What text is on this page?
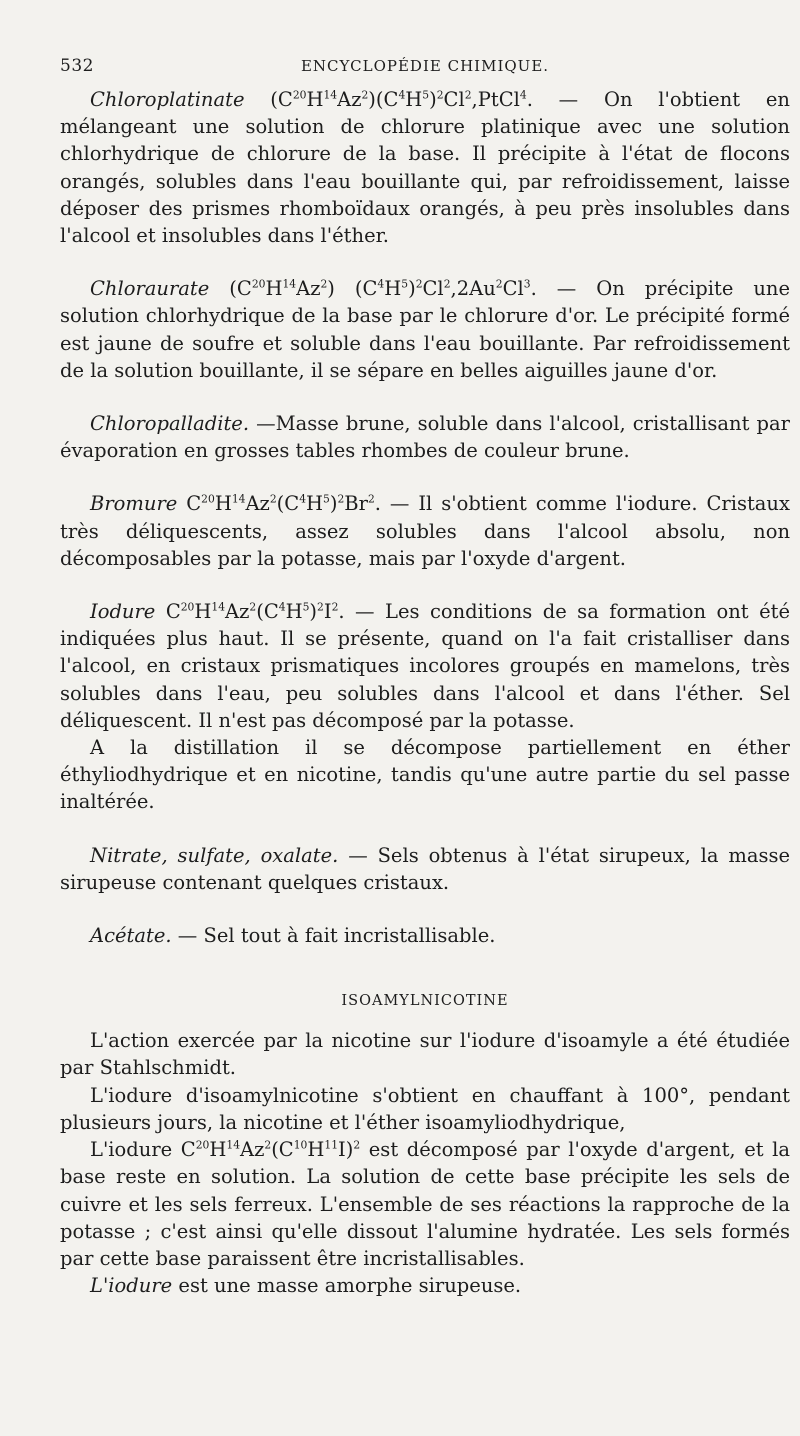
532	ENCYCLOPÉDIE CHIMIQUE.

Chloroplatinate $(C^{20}H^{14}Az^2)(C^4H^5)^2Cl^2,PtCl^4$. — On l'obtient en mélangeant une solution de chlorure platinique avec une solution chlorhydrique de chlorure de la base. Il précipite à l'état de flocons orangés, solubles dans l'eau bouillante qui, par refroidissement, laisse déposer des prismes rhomboïdaux orangés, à peu près insolubles dans l'alcool et insolubles dans l'éther.

Chloraurate $(C^{20}H^{14}Az^2)$ $(C^4H^5)^2Cl^2,2Au^2Cl^3$. — On précipite une solution chlorhydrique de la base par le chlorure d'or. Le précipité formé est jaune de soufre et soluble dans l'eau bouillante. Par refroidissement de la solution bouillante, il se sépare en belles aiguilles jaune d'or.

Chloropalladite. —Masse brune, soluble dans l'alcool, cristallisant par évaporation en grosses tables rhombes de couleur brune.

Bromure $C^{20}H^{14}Az^2(C^4H^5)^2Br^2$. — Il s'obtient comme l'iodure. Cristaux très déliquescents, assez solubles dans l'alcool absolu, non décomposables par la potasse, mais par l'oxyde d'argent.

Iodure $C^{20}H^{14}Az^2(C^4H^5)^2I^2$. — Les conditions de sa formation ont été indiquées plus haut. Il se présente, quand on l'a fait cristalliser dans l'alcool, en cristaux prismatiques incolores groupés en mamelons, très solubles dans l'eau, peu solubles dans l'alcool et dans l'éther. Sel déliquescent. Il n'est pas décomposé par la potasse.

A la distillation il se décompose partiellement en éther éthyliodhydrique et en nicotine, tandis qu'une autre partie du sel passe inaltérée.

Nitrate, sulfate, oxalate. — Sels obtenus à l'état sirupeux, la masse sirupeuse contenant quelques cristaux.

Acétate. — Sel tout à fait incristallisable.

ISOAMYLNICOTINE

L'action exercée par la nicotine sur l'iodure d'isoamyle a été étudiée par Stahlschmidt.

L'iodure d'isoamylnicotine s'obtient en chauffant à 100°, pendant plusieurs jours, la nicotine et l'éther isoamyliodhydrique,

L'iodure $C^{20}H^{14}Az^2(C^{10}H^{11}I)^2$ est décomposé par l'oxyde d'argent, et la base reste en solution. La solution de cette base précipite les sels de cuivre et les sels ferreux. L'ensemble de ses réactions la rapproche de la potasse ; c'est ainsi qu'elle dissout l'alumine hydratée. Les sels formés par cette base paraissent être incristallisables.

L'iodure est une masse amorphe sirupeuse.
